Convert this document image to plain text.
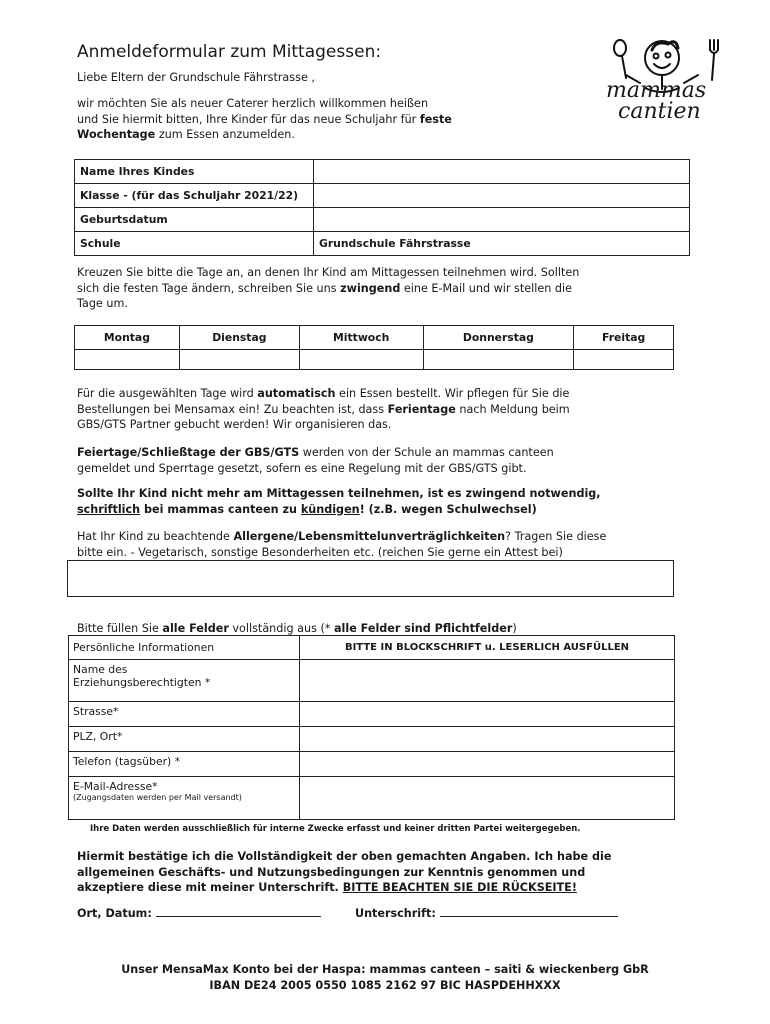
Anmeldeformular zum Mittagessen:
Liebe Eltern der Grundschule Fährstrasse ,
wir möchten Sie als neuer Caterer herzlich willkommen heißen
und Sie hiermit bitten, Ihre Kinder für das neue Schuljahr für feste
Wochentage zum Essen anzumelden.
mammas
cantien
Name Ihres Kindes	
Klasse - (für das Schuljahr 2021/22)	
Geburtsdatum	
Schule	Grundschule Fährstrasse
Kreuzen Sie bitte die Tage an, an denen Ihr Kind am Mittagessen teilnehmen wird. Sollten
sich die festen Tage ändern, schreiben Sie uns zwingend eine E-Mail und wir stellen die
Tage um.
Montag	Dienstag	Mittwoch	Donnerstag	Freitag

Für die ausgewählten Tage wird automatisch ein Essen bestellt. Wir pflegen für Sie die
Bestellungen bei Mensamax ein! Zu beachten ist, dass Ferientage nach Meldung beim
GBS/GTS Partner gebucht werden! Wir organisieren das.
Feiertage/Schließtage der GBS/GTS werden von der Schule an mammas canteen
gemeldet und Sperrtage gesetzt, sofern es eine Regelung mit der GBS/GTS gibt.
Sollte Ihr Kind nicht mehr am Mittagessen teilnehmen, ist es zwingend notwendig,
schriftlich bei mammas canteen zu kündigen! (z.B. wegen Schulwechsel)
Hat Ihr Kind zu beachtende Allergene/Lebensmittelunverträglichkeiten? Tragen Sie diese
bitte ein. - Vegetarisch, sonstige Besonderheiten etc. (reichen Sie gerne ein Attest bei)
Bitte füllen Sie alle Felder vollständig aus (* alle Felder sind Pflichtfelder)
Persönliche Informationen	BITTE IN BLOCKSCHRIFT u. LESERLICH AUSFÜLLEN

Name des
Erziehungsberechtigten *	

Strasse*	
PLZ, Ort*	
Telefon (tagsüber) *	

E-Mail-Adresse*
(Zugangsdaten werden per Mail versandt)	

Ihre Daten werden ausschließlich für interne Zwecke erfasst und keiner dritten Partei weitergegeben.
Hiermit bestätige ich die Vollständigkeit der oben gemachten Angaben. Ich habe die
allgemeinen Geschäfts- und Nutzungsbedingungen zur Kenntnis genommen und
akzeptiere diese mit meiner Unterschrift. BITTE BEACHTEN SIE DIE RÜCKSEITE!
Ort, Datum:	Unterschrift:
Unser MensaMax Konto bei der Haspa: mammas canteen – saiti & wieckenberg GbR
IBAN DE24 2005 0550 1085 2162 97 BIC HASPDEHHXXX
